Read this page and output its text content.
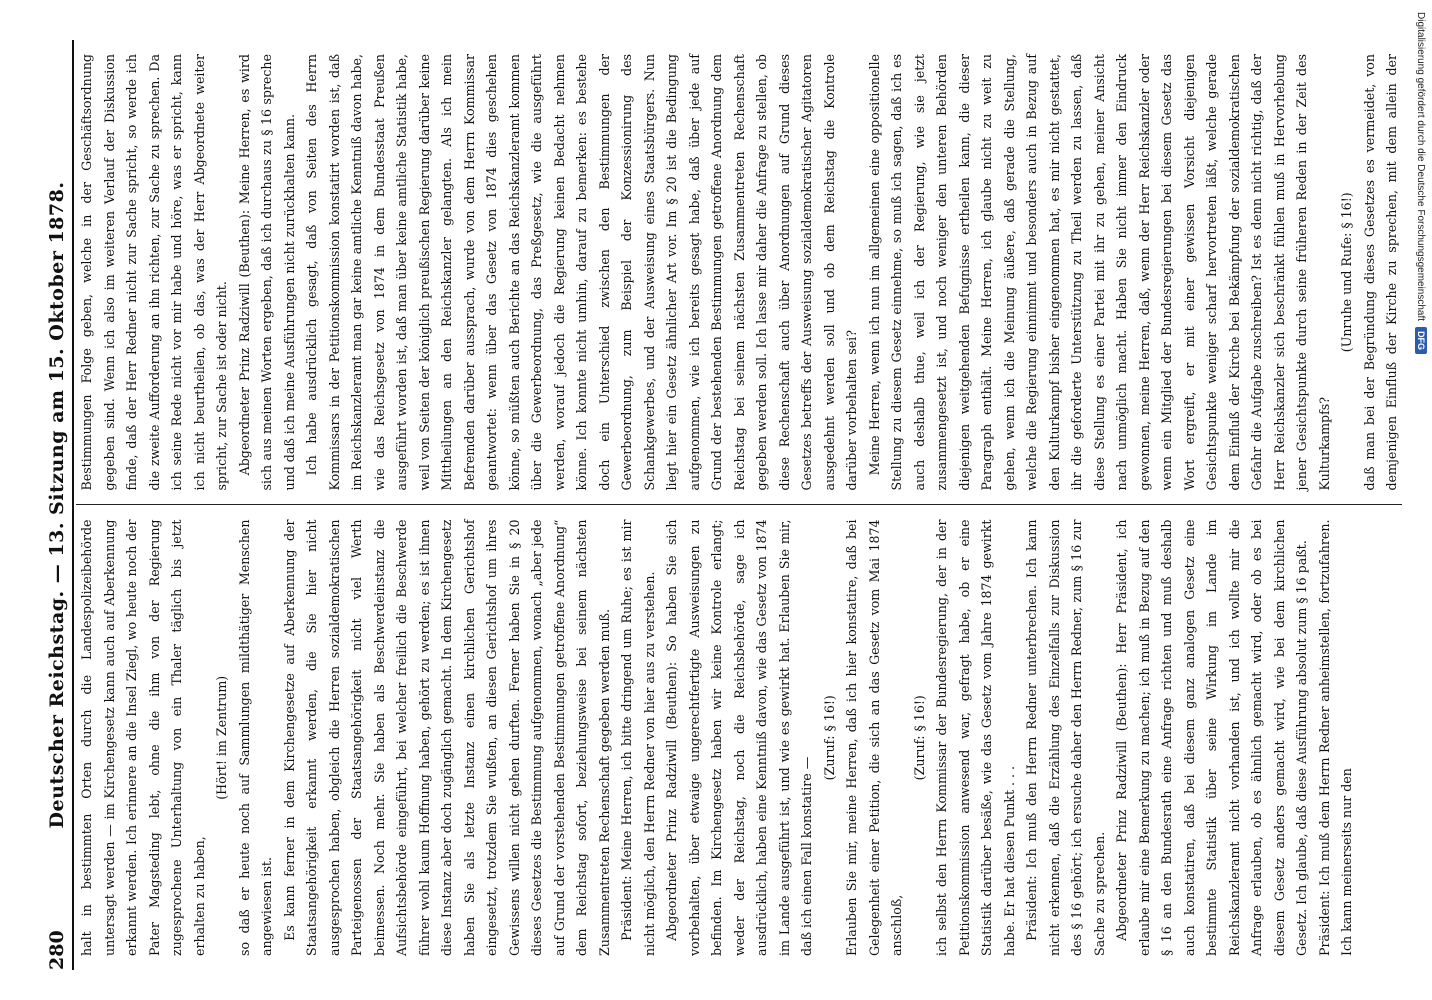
280
Deutscher Reichstag. — 13. Sitzung am 15. Oktober 1878. halt in bestimmten Orten durch die Landespolizeibehörde untersagt werden — im Kirchengesetz kann auch auf Aberkennung erkannt werden. Ich erinnere an die Insel Ziegl, wo heute noch der Pater Magsteding lebt, ohne die ihm von der Regierung zugesprochene Unterhaltung von ein Thaler täglich bis jetzt erhalten zu haben,

(Hört! im Zentrum) so daß er heute noch auf Sammlungen mildthätiger Menschen angewiesen ist. Es kann ferner in dem Kirchengesetze auf Aberkennung der Staatsangehörigkeit erkannt werden, die Sie hier nicht ausgesprochen haben, obgleich die Herren sozialdemokratischen Parteigenossen der Staatsangehörigkeit nicht viel Werth beimessen. Noch mehr. Sie haben als Beschwerdeinstanz die Aufsichtsbehörde eingeführt, bei welcher freilich die Beschwerde führer wohl kaum Hoffnung haben, gehört zu werden; es ist ihnen diese Instanz aber doch zugänglich gemacht. In dem Kirchengesetz haben Sie als letzte Instanz einen kirchlichen Gerichtshof eingesetzt, trotzdem Sie wußten, an diesen Gerichtshof um ihres Gewissens willen nicht gehen durften. Ferner haben Sie in § 20 dieses Gesetzes die Bestimmung aufgenommen, wonach „aber jede auf Grund der vorstehenden Bestimmungen getroffene Anordnung“ dem Reichstag sofort, beziehungsweise bei seinem nächsten Zusammentreten Rechenschaft gegeben werden muß. Präsident: Meine Herren, ich bitte dringend um Ruhe; es ist mir nicht möglich, den Herrn Redner von hier aus zu verstehen. Abgeordneter Prinz Radziwill (Beuthen): So haben Sie sich vorbehalten, über etwaige ungerechtfertigte Ausweisungen zu befinden. Im Kirchengesetz haben wir keine Kontrole erlangt; weder der Reichstag, noch die Reichsbehörde, sage ich ausdrücklich, haben eine Kenntniß davon, wie das Gesetz von 1874 im Lande ausgeführt ist, und wie es gewirkt hat. Erlauben Sie mir, daß ich einen Fall konstatire —

(Zuruf: § 16!) Erlauben Sie mir, meine Herren, daß ich hier konstatire, daß bei Gelegenheit einer Petition, die sich an das Gesetz vom Mai 1874 anschloß,

(Zuruf: § 16!) ich selbst den Herrn Kommissar der Bundesregierung, der in der Petitionskommission anwesend war, gefragt habe, ob er eine Statistik darüber besäße, wie das Gesetz vom Jahre 1874 gewirkt habe. Er hat diesen Punkt . . . Präsident: Ich muß den Herrn Redner unterbrechen. Ich kann nicht erkennen, daß die Erzählung des Einzelfalls zur Diskussion des § 16 gehört; ich ersuche daher den Herrn Redner, zum § 16 zur Sache zu sprechen. Abgeordneter Prinz Radziwill (Beuthen): Herr Präsident, ich erlaube mir eine Bemerkung zu machen; ich muß in Bezug auf den § 16 an den Bundesrath eine Anfrage richten und muß deshalb auch konstatiren, daß bei diesem ganz analogen Gesetz eine bestimmte Statistik über seine Wirkung im Lande im Reichskanzleramt nicht vorhanden ist, und ich wollte mir die Anfrage erlauben, ob es ähnlich gemacht wird, oder ob es bei diesem Gesetz anders gemacht wird, wie bei dem kirchlichen Gesetz. Ich glaube, daß diese Ausführung absolut zum § 16 paßt. Präsident: Ich muß dem Herrn Redner anheimstellen, fortzufahren. Ich kann meinerseits nur den

Bestimmungen Folge geben, welche in der Geschäftsordnung gegeben sind. Wenn ich also im weiteren Verlauf der Diskussion finde, daß der Herr Redner nicht zur Sache spricht, so werde ich die zweite Aufforderung an ihn richten, zur Sache zu sprechen. Da ich seine Rede nicht vor mir habe und höre, was er spricht, kann ich nicht beurtheilen, ob das, was der Herr Abgeordnete weiter spricht, zur Sache ist oder nicht. Abgeordneter Prinz Radziwill (Beuthen): Meine Herren, es wird sich aus meinen Worten ergeben, daß ich durchaus zu § 16 spreche und daß ich meine Ausführungen nicht zurückhalten kann. Ich habe ausdrücklich gesagt, daß von Seiten des Herrn Kommissars in der Petitionskommission konstatirt worden ist, daß im Reichskanzleramt man gar keine amtliche Kenntniß davon habe, wie das Reichsgesetz von 1874 in dem Bundesstaat Preußen ausgeführt worden ist, daß man über keine amtliche Statistik habe, weil von Seiten der königlich preußischen Regierung darüber keine Mittheilungen an den Reichskanzler gelangten. Als ich mein Befremden darüber aussprach, wurde von dem Herrn Kommissar geantwortet: wenn über das Gesetz von 1874 dies geschehen könne, so müßten auch Berichte an das Reichskanzleramt kommen über die Gewerbeordnung, das Preßgesetz, wie die ausgeführt werden, worauf jedoch die Regierung keinen Bedacht nehmen könne. Ich konnte nicht umhin, darauf zu bemerken: es bestehe doch ein Unterschied zwischen den Bestimmungen der Gewerbeordnung, zum Beispiel der Konzessionirung des Schankgewerbes, und der Ausweisung eines Staatsbürgers. Nun liegt hier ein Gesetz ähnlicher Art vor. Im § 20 ist die Bedingung aufgenommen, wie ich bereits gesagt habe, daß über jede auf Grund der bestehenden Bestimmungen getroffene Anordnung dem Reichstag bei seinem nächsten Zusammentreten Rechenschaft gegeben werden soll. Ich lasse mir daher die Anfrage zu stellen, ob diese Rechenschaft auch über Anordnungen auf Grund dieses Gesetzes betreffs der Ausweisung sozialdemokratischer Agitatoren ausgedehnt werden soll und ob dem Reichstag die Kontrole darüber vorbehalten sei? Meine Herren, wenn ich nun im allgemeinen eine oppositionelle Stellung zu diesem Gesetz einnehme, so muß ich sagen, daß ich es auch deshalb thue, weil ich der Regierung, wie sie jetzt zusammengesetzt ist, und noch weniger den unteren Behörden diejenigen weitgehenden Befugnisse ertheilen kann, die dieser Paragraph enthält. Meine Herren, ich glaube nicht zu weit zu gehen, wenn ich die Meinung äußere, daß gerade die Stellung, welche die Regierung einnimmt und besonders auch in Bezug auf den Kulturkampf bisher eingenommen hat, es mir nicht gestattet, ihr die geforderte Unterstützung zu Theil werden zu lassen, daß diese Stellung es einer Partei mit ihr zu gehen, meiner Ansicht nach unmöglich macht. Haben Sie nicht immer den Eindruck gewonnen, meine Herren, daß, wenn der Herr Reichskanzler oder wenn ein Mitglied der Bundesregierungen bei diesem Gesetz das Wort ergreift, er mit einer gewissen Vorsicht diejenigen Gesichtspunkte weniger scharf hervortreten läßt, welche gerade dem Einfluß der Kirche bei Bekämpfung der sozialdemokratischen Gefahr die Aufgabe zuschreiben? Ist es denn nicht richtig, daß der Herr Reichskanzler sich beschränkt fühlen muß in Hervorhebung jener Gesichtspunkte durch seine früheren Reden in der Zeit des Kulturkampfs?

(Unruhe und Rufe: § 16!)

daß man bei der Begründung dieses Gesetzes es vermeidet, von demjenigen Einfluß der Kirche zu sprechen, mit dem allein der	Digitalisierung gefördert durch die Deutsche Forschungsgemeinschaft
DFG
